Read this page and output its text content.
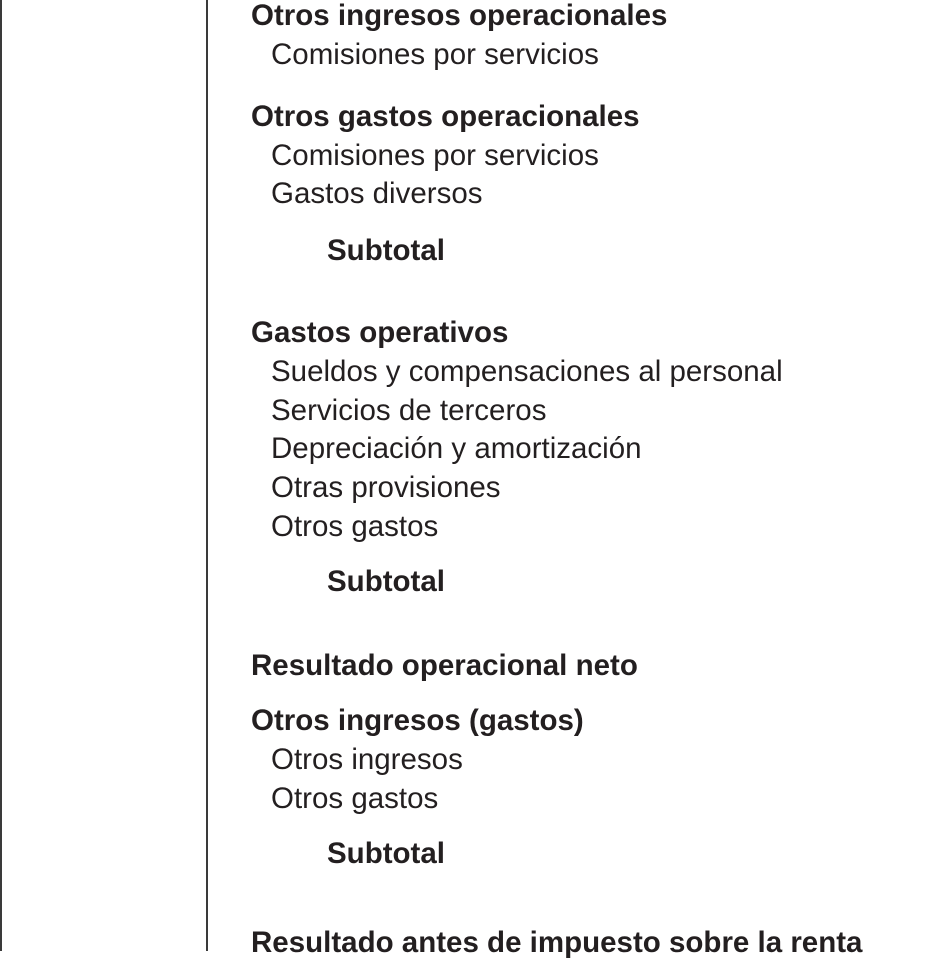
Otros ingresos operacionales
Comisiones por servicios
Otros gastos operacionales
Comisiones por servicios
Gastos diversos
Subtotal
Gastos operativos
Sueldos y compensaciones al personal
Servicios de terceros
Depreciación y amortización
Otras provisiones
Otros gastos
Subtotal
Resultado operacional neto
Otros ingresos (gastos)
Otros ingresos
Otros gastos
Subtotal
Resultado antes de impuesto sobre la renta
